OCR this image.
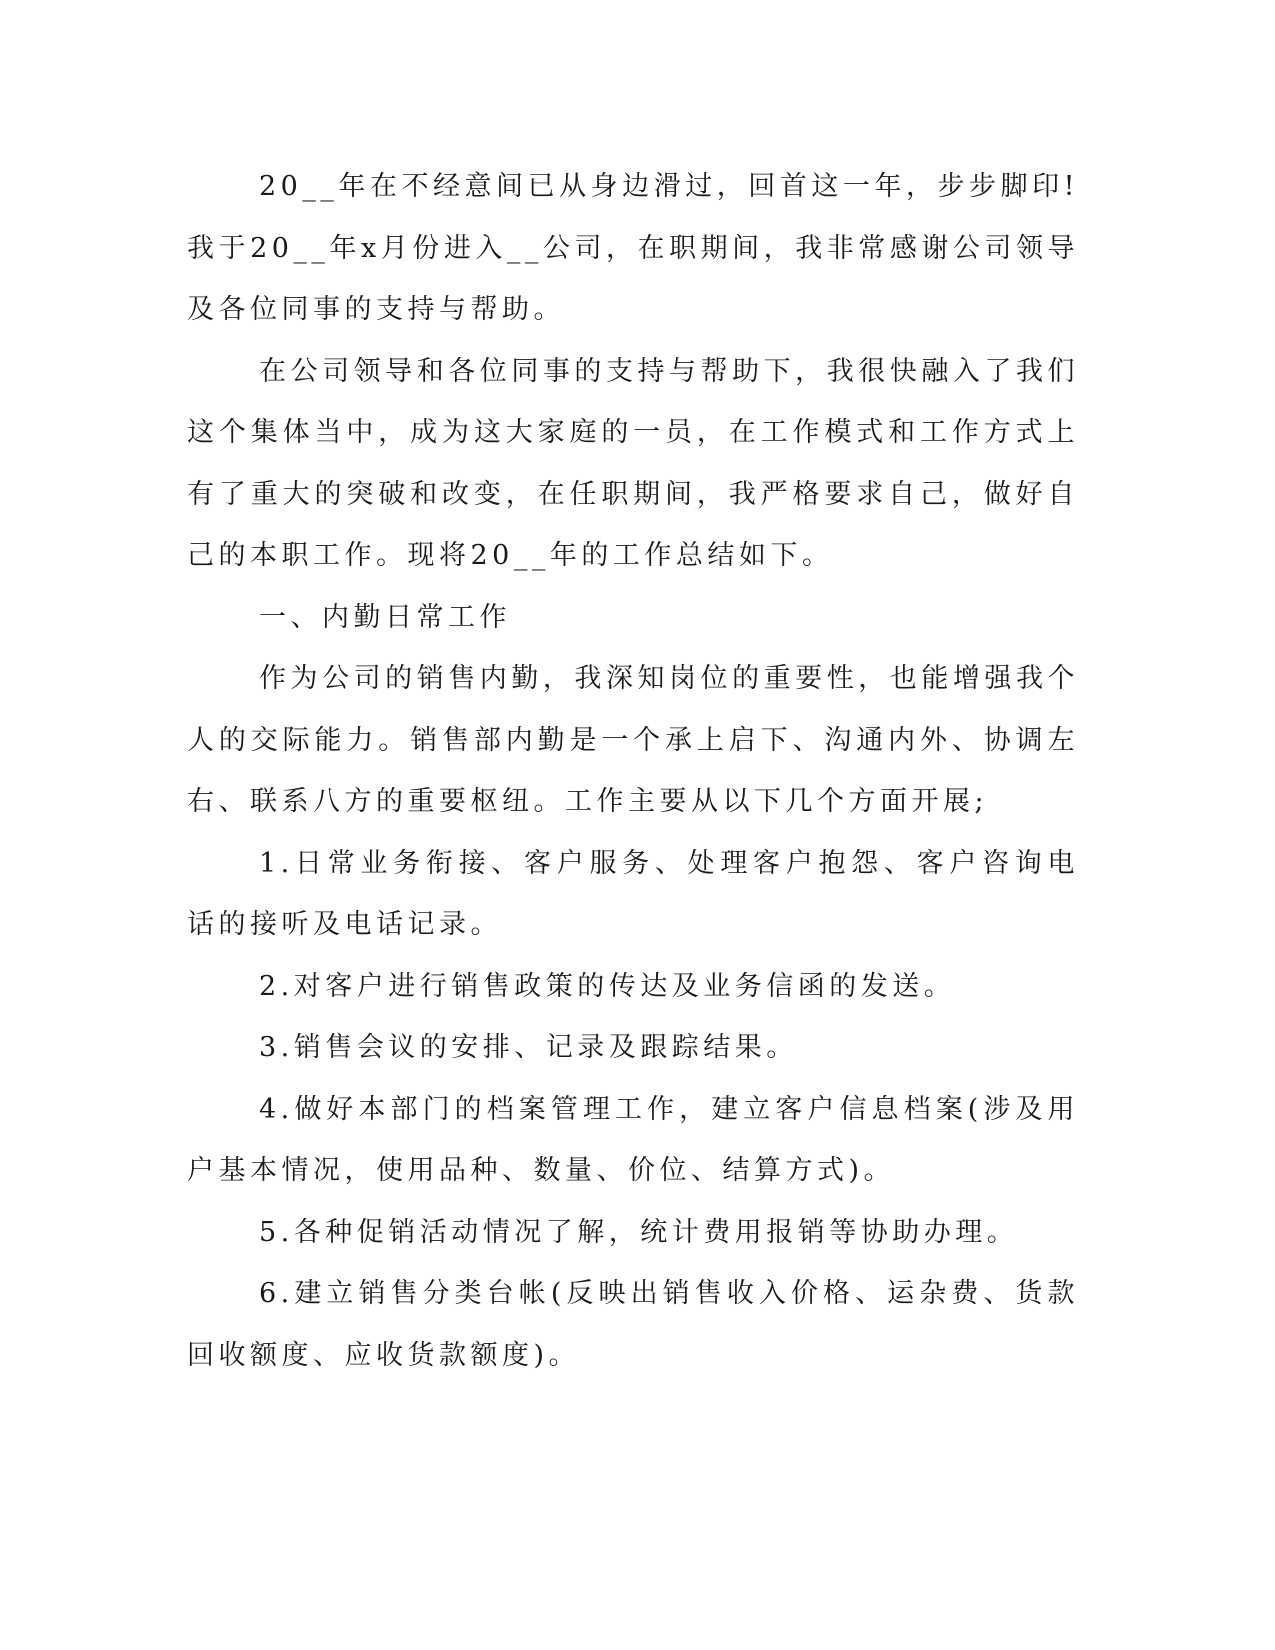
20__年在不经意间已从身边滑过，回首这一年，步步脚印!我于20__年x月份进入__公司，在职期间，我非常感谢公司领导及各位同事的支持与帮助。

在公司领导和各位同事的支持与帮助下，我很快融入了我们这个集体当中，成为这大家庭的一员，在工作模式和工作方式上有了重大的突破和改变，在任职期间，我严格要求自己，做好自己的本职工作。现将20__年的工作总结如下。

一、内勤日常工作

作为公司的销售内勤，我深知岗位的重要性，也能增强我个人的交际能力。销售部内勤是一个承上启下、沟通内外、协调左右、联系八方的重要枢纽。工作主要从以下几个方面开展;

1.日常业务衔接、客户服务、处理客户抱怨、客户咨询电话的接听及电话记录。

2.对客户进行销售政策的传达及业务信函的发送。

3.销售会议的安排、记录及跟踪结果。

4.做好本部门的档案管理工作，建立客户信息档案(涉及用户基本情况，使用品种、数量、价位、结算方式)。

5.各种促销活动情况了解，统计费用报销等协助办理。

6.建立销售分类台帐(反映出销售收入价格、运杂费、货款回收额度、应收货款额度)。
